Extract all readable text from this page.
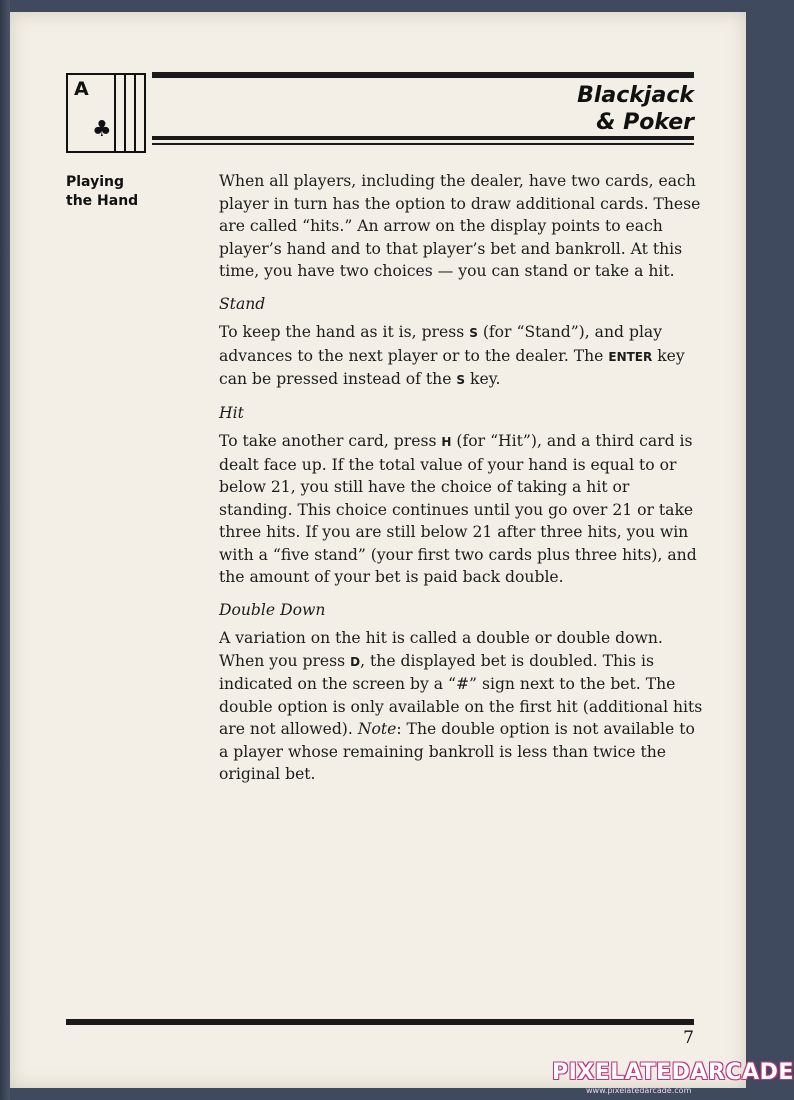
A
♣
Blackjack
& Poker
Playing
the Hand

When all players, including the dealer, have two cards, each player in turn has the option to draw additional cards. These are called “hits.” An arrow on the display points to each player’s hand and to that player’s bet and bankroll. At this time, you have two choices — you can stand or take a hit.

Stand

To keep the hand as it is, press S (for “Stand”), and play advances to the next player or to the dealer. The ENTER key can be pressed instead of the S key.

Hit

To take another card, press H (for “Hit”), and a third card is dealt face up. If the total value of your hand is equal to or below 21, you still have the choice of taking a hit or standing. This choice continues until you go over 21 or take three hits. If you are still below 21 after three hits, you win with a “five stand” (your first two cards plus three hits), and the amount of your bet is paid back double.

Double Down

A variation on the hit is called a double or double down. When you press D, the displayed bet is doubled. This is indicated on the screen by a “#” sign next to the bet. The double option is only available on the first hit (additional hits are not allowed). Note: The double option is not available to a player whose remaining bankroll is less than twice the original bet.

7
PIXELATEDARCADE
www.pixelatedarcade.com
